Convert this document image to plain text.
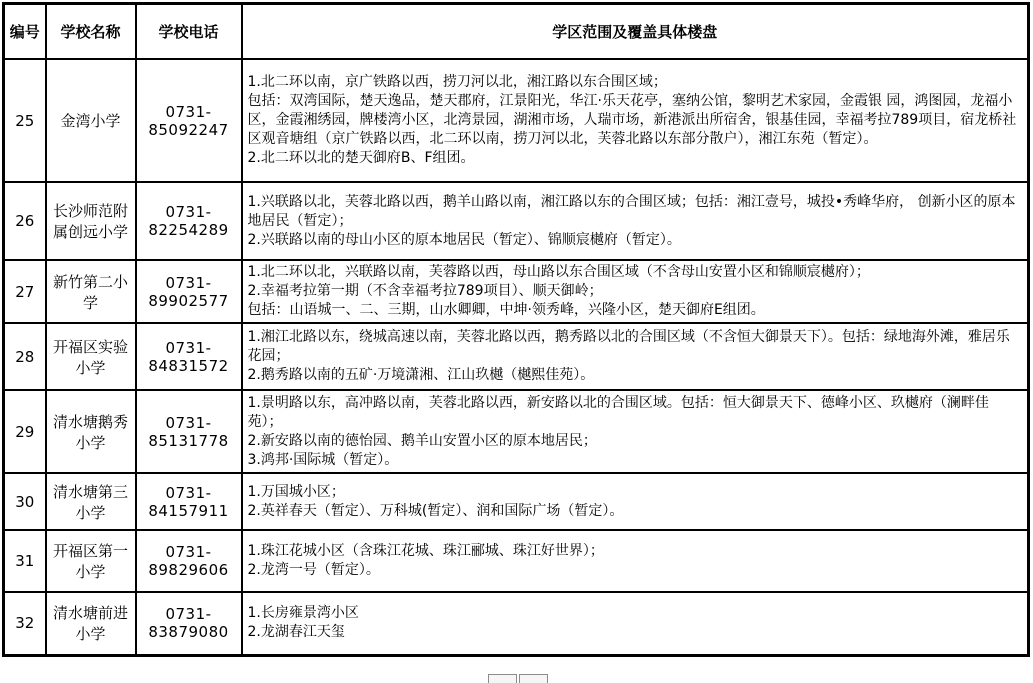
编号	学校名称	学校电话	学区范围及覆盖具体楼盘
25	金湾小学	0731-85092247	1.北二环以南，京广铁路以西，捞刀河以北，湘江路以东合围区域；
包括：双湾国际，楚天逸品，楚天郡府，江景阳光，华江·乐天花亭，塞纳公馆，黎明艺术家园，金霞银 园，鸿图园，龙福小区，金霞湘绣园，牌楼湾小区，北湾景园，湖湘市场，人瑞市场，新港派出所宿舍，银基佳园，幸福考拉789项目，宿龙桥社区观音塘组（京广铁路以西，北二环以南，捞刀河以北，芙蓉北路以东部分散户），湘江东苑（暂定）。
2.北二环以北的楚天御府B、F组团。

26	长沙师范附属创远小学	0731-82254289	1.兴联路以北，芙蓉北路以西，鹅羊山路以南，湘江路以东的合围区域；包括：湘江壹号，城投•秀峰华府， 创新小区的原本地居民（暂定）；
2.兴联路以南的母山小区的原本地居民（暂定）、锦顺宸樾府（暂定）。

27	新竹第二小学	0731-89902577	1.北二环以北，兴联路以南，芙蓉路以西，母山路以东合围区域（不含母山安置小区和锦顺宸樾府）；
2.幸福考拉第一期（不含幸福考拉789项目）、顺天御岭；
包括：山语城一、二、三期，山水卿卿，中坤·领秀峰，兴隆小区，楚天御府E组团。

28	开福区实验小学	0731-84831572	1.湘江北路以东，绕城高速以南，芙蓉北路以西，鹅秀路以北的合围区域（不含恒大御景天下）。包括：绿地海外滩，雅居乐花园；
2.鹅秀路以南的五矿·万境潇湘、江山玖樾（樾熙佳苑）。

29	清水塘鹅秀小学	0731-85131778	1.景明路以东，高冲路以南，芙蓉北路以西，新安路以北的合围区域。包括：恒大御景天下、德峰小区、玖樾府（澜畔佳苑）；
2.新安路以南的德怡园、鹅羊山安置小区的原本地居民；
3.鸿邦·国际城（暂定）。

30	清水塘第三小学	0731-84157911	1.万国城小区；
2.英祥春天（暂定）、万科城(暂定）、润和国际广场（暂定）。

31	开福区第一小学	0731-89829606	1.珠江花城小区（含珠江花城、珠江郦城、珠江好世界）；
2.龙湾一号（暂定）。

32	清水塘前进小学	0731-83879080	1.长房雍景湾小区
2.龙湖春江天玺
